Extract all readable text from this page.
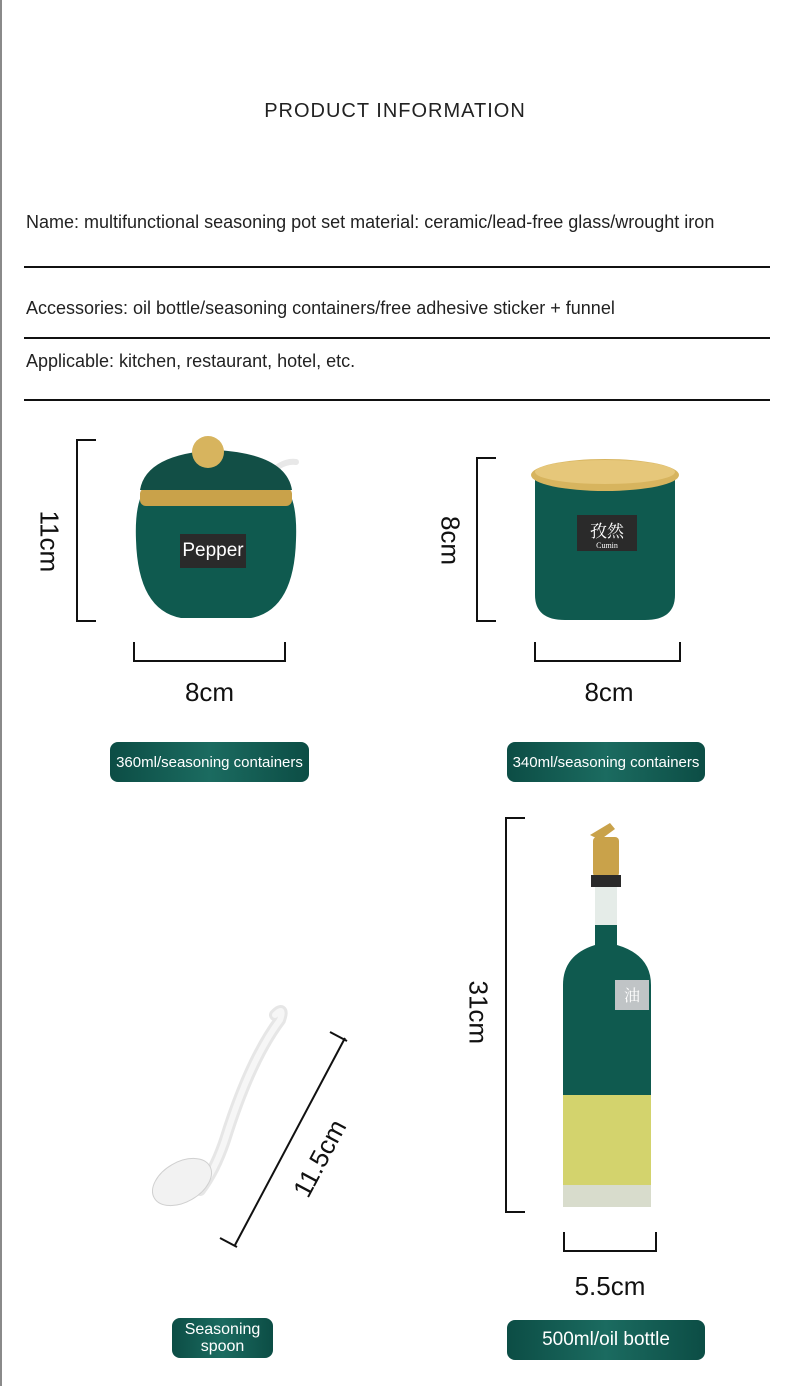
PRODUCT INFORMATION
Name: multifunctional seasoning pot set material: ceramic/lead-free glass/wrought iron
Accessories: oil bottle/seasoning containers/free adhesive sticker + funnel
Applicable: kitchen, restaurant, hotel, etc.
11cm	Pepper
8cm
360ml/seasoning containers
8cm	孜然
Cumin
8cm
340ml/seasoning containers
11.5cm
Seasoning
spoon
31cm	油
5.5cm
500ml/oil bottle
